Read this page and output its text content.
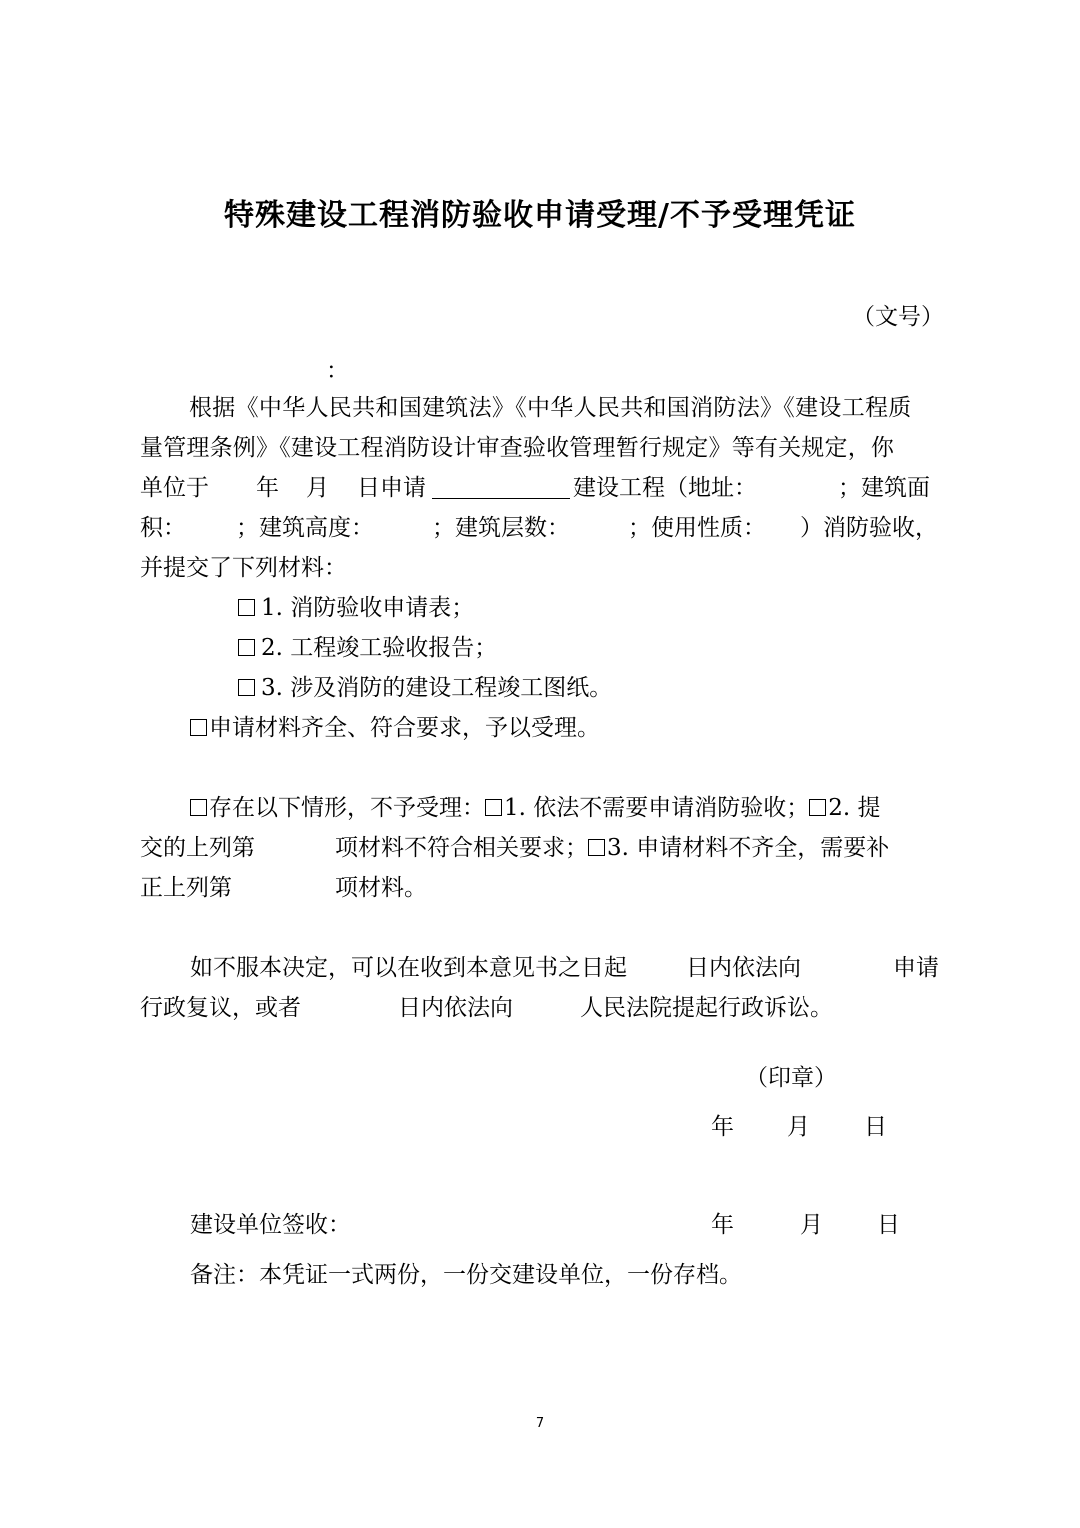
特殊建设工程消防验收申请受理/不予受理凭证
（文号）
：
根据《中华人民共和国建筑法》《中华人民共和国消防法》《建设工程质
量管理条例》《建设工程消防设计审查验收管理暂行规定》等有关规定，你
单位于 年 月 日申请	建设工程（地址：	；建筑面
积： ；建筑高度：	；建筑层数：	；使用性质： ）消防验收，
并提交了下列材料：
1. 消防验收申请表；
2. 工程竣工验收报告；
3. 涉及消防的建设工程竣工图纸。
申请材料齐全、符合要求，予以受理。
存在以下情形，不予受理： 1. 依法不需要申请消防验收； 2. 提
交的上列第	项材料不符合相关要求； 3. 申请材料不齐全，需要补
正上列第	项材料。
如不服本决定，可以在收到本意见书之日起	日内依法向	申请
行政复议，或者	日内依法向	人民法院提起行政诉讼。
（印章）
年 月 日
建设单位签收：	年	月 日
备注：本凭证一式两份，一份交建设单位，一份存档。
7
